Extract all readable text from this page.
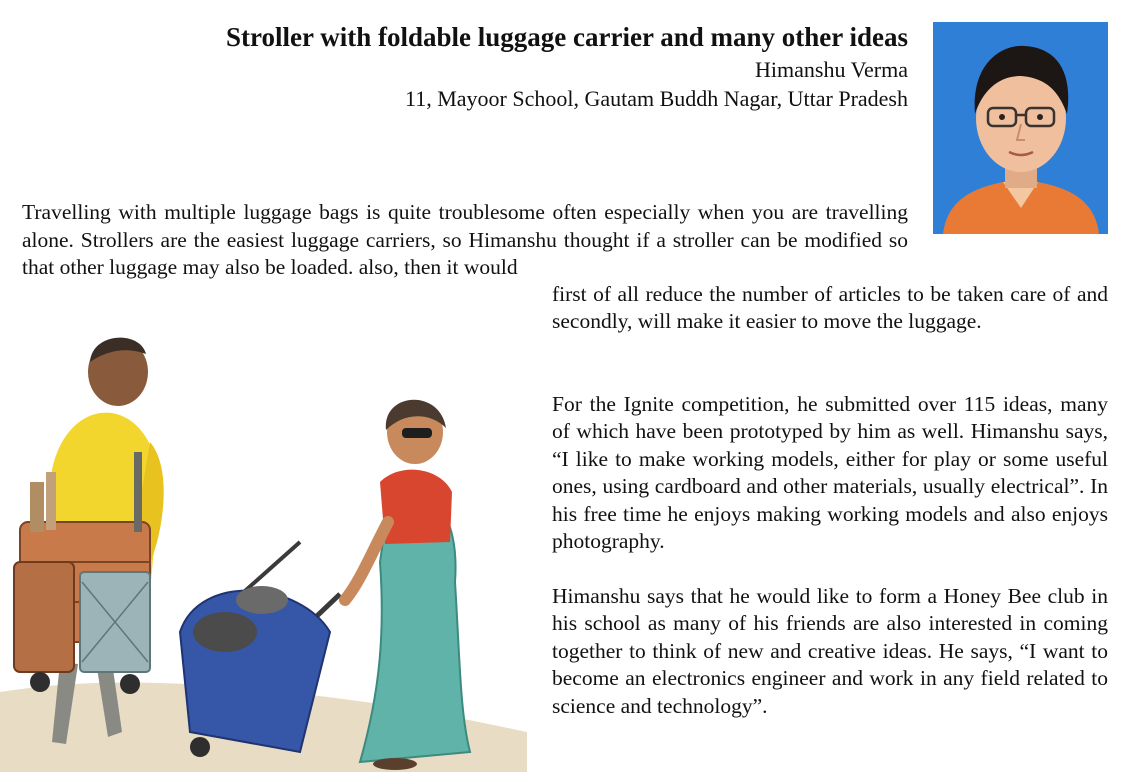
Stroller with foldable luggage carrier and many other ideas
Himanshu Verma
11, Mayoor School, Gautam Buddh Nagar, Uttar Pradesh

Travelling with multiple luggage bags is quite troublesome often especially when you are travelling alone. Strollers are the easiest luggage carriers, so Himanshu thought if a stroller can be modified so that other luggage may also be loaded. also, then it would

first of all reduce the number of articles to be taken care of and secondly, will make it easier to move the luggage.

For the Ignite competition, he submitted over 115 ideas, many of which have been prototyped by him as well. Himanshu says, “I like to make working models, either for play or some useful ones, using cardboard and other materials, usually electrical”. In his free time he enjoys making working models and also enjoys photography.

Himanshu says that he would like to form a Honey Bee club in his school as many of his friends are also interested in coming together to think of new and creative ideas. He says, “I want to become an electronics engineer and work in any field related to science and technology”.
